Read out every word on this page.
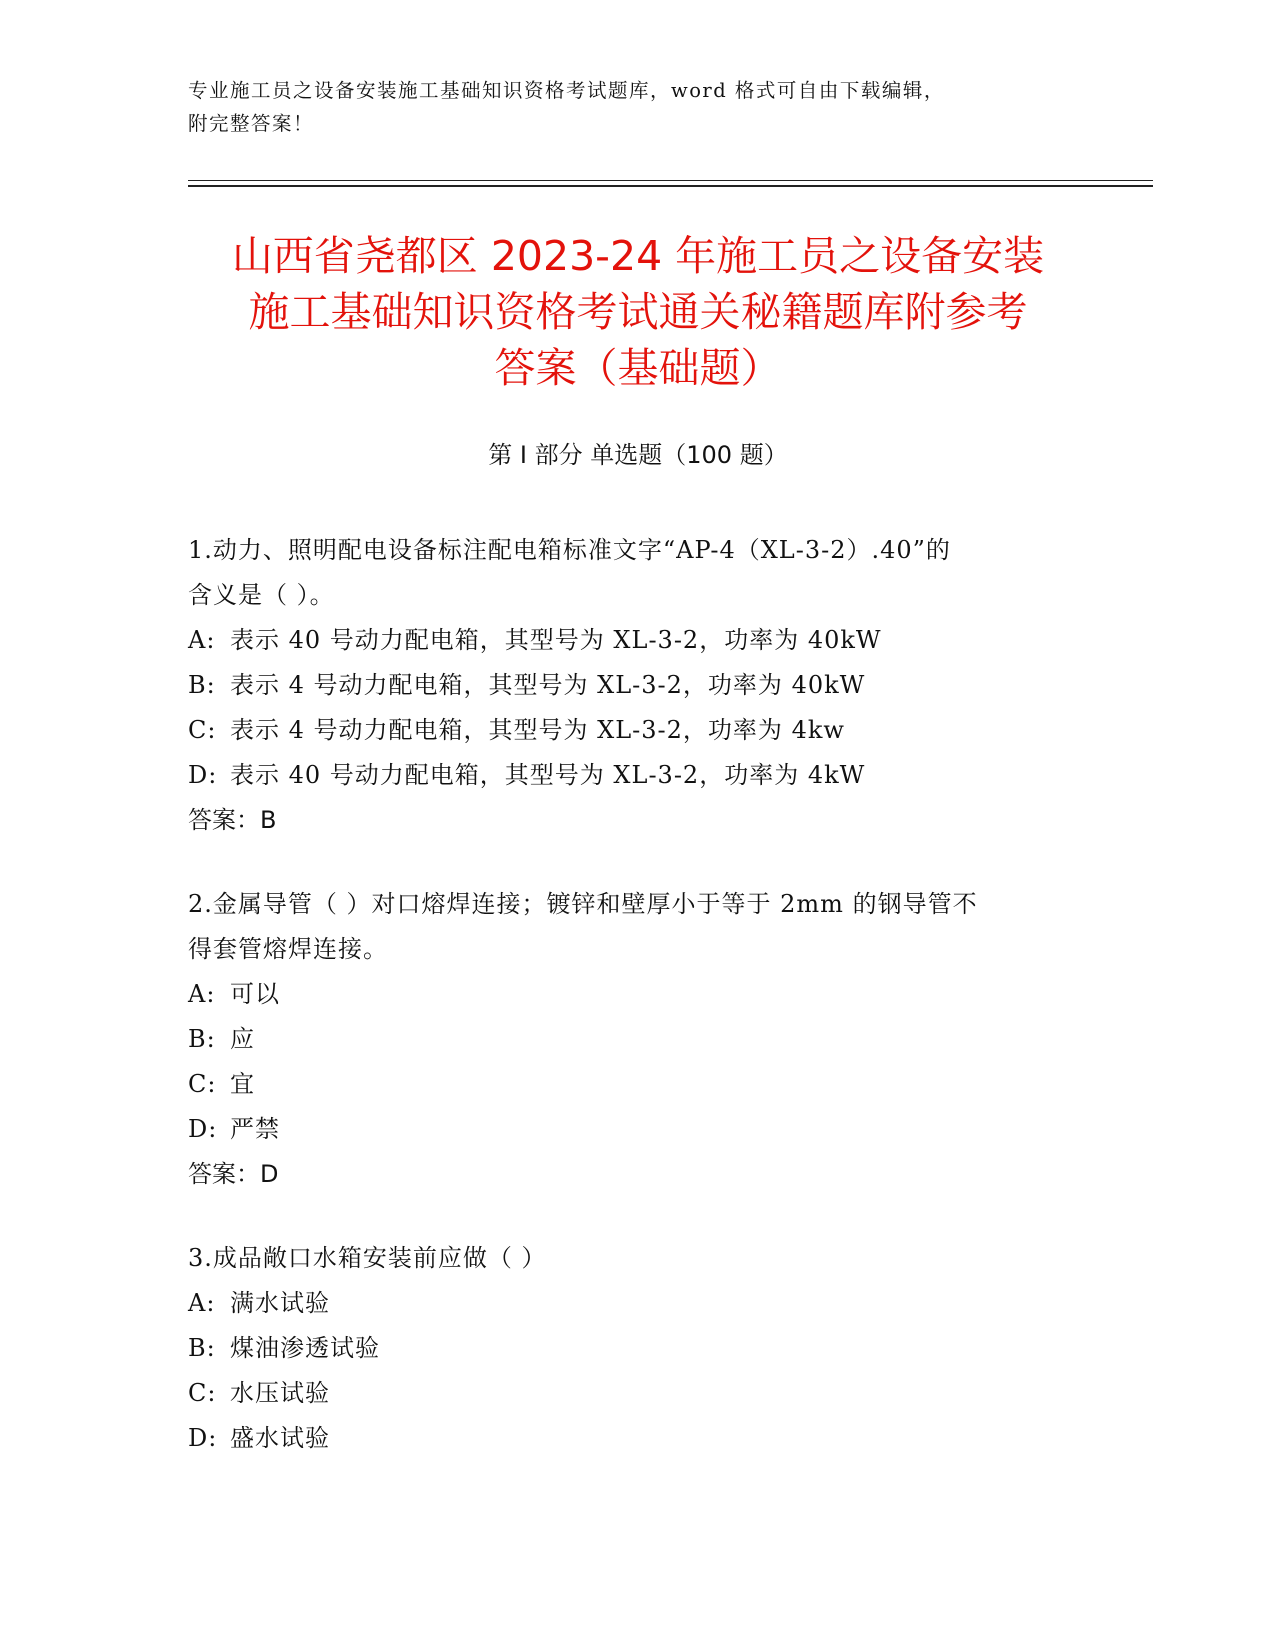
专业施工员之设备安装施工基础知识资格考试题库，word 格式可自由下载编辑，
附完整答案！
山西省尧都区 2023-24 年施工员之设备安装
施工基础知识资格考试通关秘籍题库附参考
答案（基础题）
第 I 部分 单选题（100 题）
1.动力、照明配电设备标注配电箱标准文字“AP-4（XL-3-2）.40”的
含义是（ ）。
A: 表示 40 号动力配电箱，其型号为 XL-3-2，功率为 40kW
B: 表示 4 号动力配电箱，其型号为 XL-3-2，功率为 40kW
C: 表示 4 号动力配电箱，其型号为 XL-3-2，功率为 4kw
D: 表示 40 号动力配电箱，其型号为 XL-3-2，功率为 4kW
答案：B
2.金属导管（ ）对口熔焊连接；镀锌和壁厚小于等于 2mm 的钢导管不
得套管熔焊连接。
A: 可以
B: 应
C: 宜
D: 严禁
答案：D
3.成品敞口水箱安装前应做（ ）
A: 满水试验
B: 煤油渗透试验
C: 水压试验
D: 盛水试验
